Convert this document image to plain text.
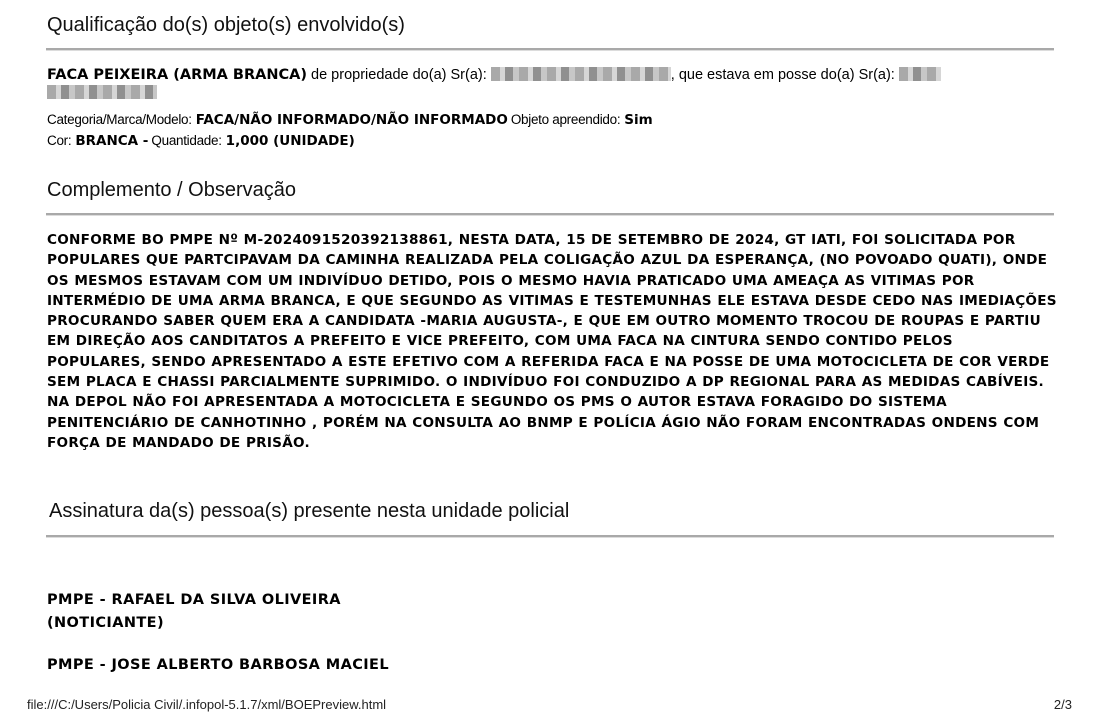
Qualificação do(s) objeto(s) envolvido(s)
FACA PEIXEIRA (ARMA BRANCA) de propriedade do(a) Sr(a):	, que estava em posse do(a) Sr(a):

Categoria/Marca/Modelo: FACA/NÃO INFORMADO/NÃO INFORMADO Objeto apreendido: Sim
Cor: BRANCA - Quantidade: 1,000 (UNIDADE)
Complemento / Observação
CONFORME BO PMPE Nº M-2024091520392138861, NESTA DATA, 15 DE SETEMBRO DE 2024, GT IATI, FOI SOLICITADA POR POPULARES QUE PARTCIPAVAM DA CAMINHA REALIZADA PELA COLIGAÇÃO AZUL DA ESPERANÇA, (NO POVOADO QUATI), ONDE OS MESMOS ESTAVAM COM UM INDIVÍDUO DETIDO, POIS O MESMO HAVIA PRATICADO UMA AMEAÇA AS VITIMAS POR INTERMÉDIO DE UMA ARMA BRANCA, E QUE SEGUNDO AS VITIMAS E TESTEMUNHAS ELE ESTAVA DESDE CEDO NAS IMEDIAÇÕES PROCURANDO SABER QUEM ERA A CANDIDATA -MARIA AUGUSTA-, E QUE EM OUTRO MOMENTO TROCOU DE ROUPAS E PARTIU EM DIREÇÃO AOS CANDITATOS A PREFEITO E VICE PREFEITO, COM UMA FACA NA CINTURA SENDO CONTIDO PELOS POPULARES, SENDO APRESENTADO A ESTE EFETIVO COM A REFERIDA FACA E NA POSSE DE UMA MOTOCICLETA DE COR VERDE SEM PLACA E CHASSI PARCIALMENTE SUPRIMIDO. O INDIVÍDUO FOI CONDUZIDO A DP REGIONAL PARA AS MEDIDAS CABÍVEIS. NA DEPOL NÃO FOI APRESENTADA A MOTOCICLETA E SEGUNDO OS PMS O AUTOR ESTAVA FORAGIDO DO SISTEMA PENITENCIÁRIO DE CANHOTINHO , PORÉM NA CONSULTA AO BNMP E POLÍCIA ÁGIO NÃO FORAM ENCONTRADAS ONDENS COM FORÇA DE MANDADO DE PRISÃO.
Assinatura da(s) pessoa(s) presente nesta unidade policial
PMPE - RAFAEL DA SILVA OLIVEIRA
(NOTICIANTE)
PMPE - JOSE ALBERTO BARBOSA MACIEL
file:///C:/Users/Policia Civil/.infopol-5.1.7/xml/BOEPreview.html	2/3
